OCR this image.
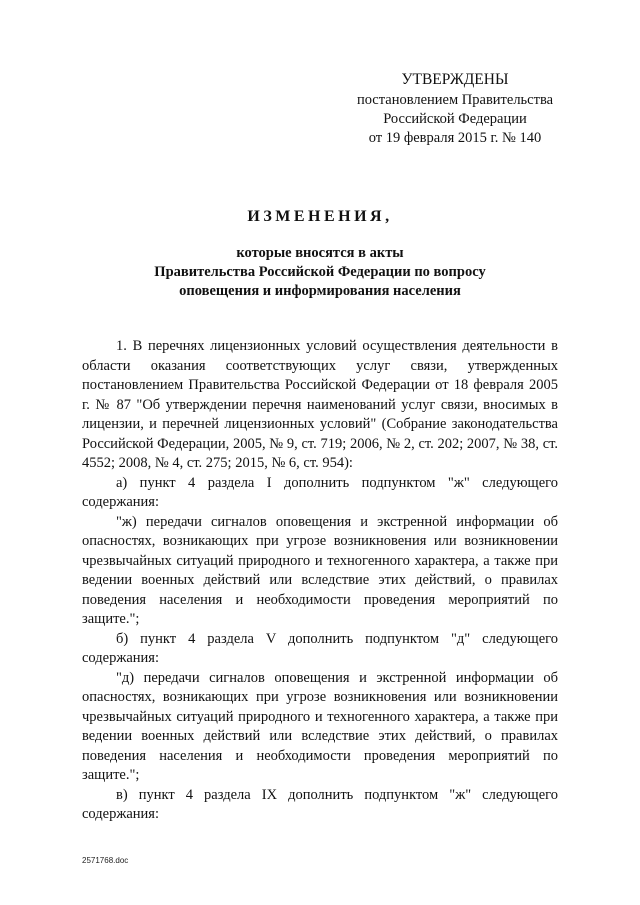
УТВЕРЖДЕНЫ
постановлением Правительства
Российской Федерации
от 19 февраля 2015 г. № 140
ИЗМЕНЕНИЯ,
которые вносятся в акты
Правительства Российской Федерации по вопросу
оповещения и информирования населения

1. В перечнях лицензионных условий осуществления деятельности в области оказания соответствующих услуг связи, утвержденных постановлением Правительства Российской Федерации от 18 февраля 2005 г. № 87 "Об утверждении перечня наименований услуг связи, вносимых в лицензии, и перечней лицензионных условий" (Собрание законодательства Российской Федерации, 2005, № 9, ст. 719; 2006, № 2, ст. 202; 2007, № 38, ст. 4552; 2008, № 4, ст. 275; 2015, № 6, ст. 954):

а) пункт 4 раздела I дополнить подпунктом "ж" следующего содержания:

"ж) передачи сигналов оповещения и экстренной информации об опасностях, возникающих при угрозе возникновения или возникновении чрезвычайных ситуаций природного и техногенного характера, а также при ведении военных действий или вследствие этих действий, о правилах поведения населения и необходимости проведения мероприятий по защите.";

б) пункт 4 раздела V дополнить подпунктом "д" следующего содержания:

"д) передачи сигналов оповещения и экстренной информации об опасностях, возникающих при угрозе возникновения или возникновении чрезвычайных ситуаций природного и техногенного характера, а также при ведении военных действий или вследствие этих действий, о правилах поведения населения и необходимости проведения мероприятий по защите.";

в) пункт 4 раздела IX дополнить подпунктом "ж" следующего содержания:

2571768.doc
